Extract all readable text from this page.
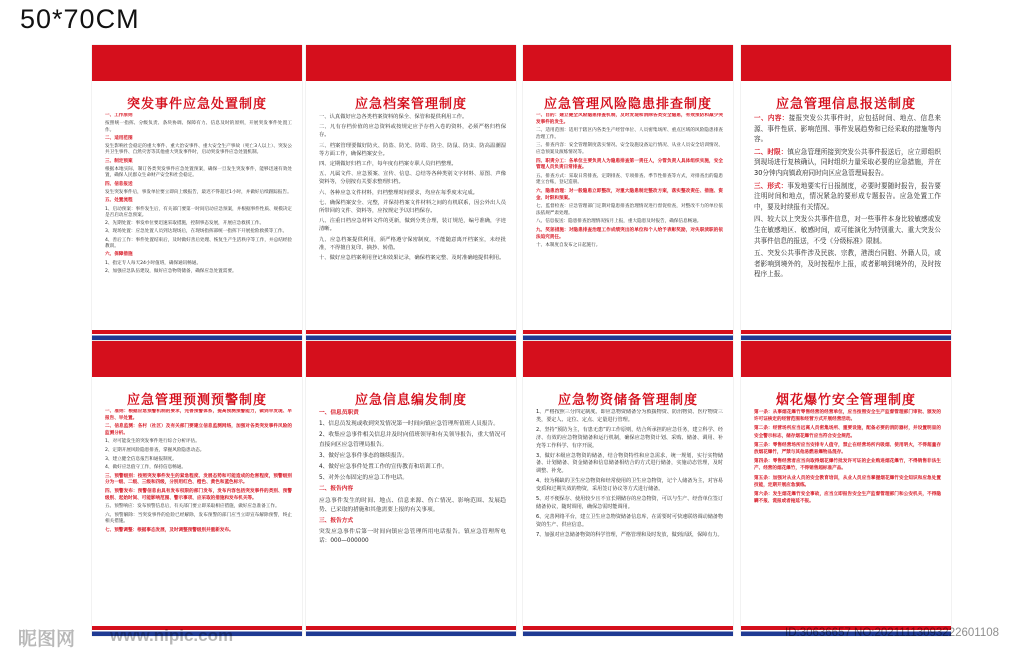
50*70CM
突发事件应急处置制度
一、工作原则
按照统一指挥、分级负责、条块协调、保障有力、信息及时的原则，开展突发事件处置工作。
二、适用范围
发生影响社会稳定的重大事件、重大治安事件、重大安全生产事故（死亡3人以上）、突发公共卫生事件、自然灾害等其他重大突发事件时，启动突发事件应急处置机制。
三、制定预案
根据本地实际，制订各类突发事件应急处置预案，确保一旦发生突发事件，能够迅速有效处置，确保人民群众生命财产安全和社会稳定。
四、信息报送
发生突发事件后，事发单位要立即向上级报告，最迟不得超过1小时，并做好后续跟踪报告。
五、处置流程
1、启动预案：事件发生后，有关部门要第一时间启动应急预案，并根据事件性质、规模决定是否启动应急预案。
2、先期处置：事发单位要迅速采取措施，控制事态发展，开展应急救援工作。
3、现场处置：应急处置人员到达现场后，在现场指挥部统一指挥下开展抢险救援等工作。
4、善后工作：事件处置结束后，及时做好善后处理、恢复生产生活秩序等工作，并总结经验教训。
六、保障措施
1、指定专人每天24小时值班，确保通讯畅通。
2、加强应急队伍建设，做好应急物资储备，确保应急处置需要。
应急档案管理制度
一、认真做好应急各类档案资料的保全、保管和提供利用工作。
二、凡有存档价值的应急资料或按规定应予存档入卷的资料，必须严格归档保存。
三、档案管理要做好防火、防盗、防光、防霉、防尘、防鼠、防虫、防高温潮湿等方面工作，确保档案安全。
四、定期做好归档工作，每年度有档案专职人员归档整理。
五、凡属文件、应急预案、宣传、信息、总结等各种类别文字材料、原图、声像资料等，分别按有关要求整理归档。
六、各种应急文件材料，归档整理时间要求，均应在每季度末完成。
七、确保档案安全、完整，并保持档案文件材料之间的有机联系，因公外出人员所带回的文件、资料等，应按规定予以归档保存。
八、注重日档应急材料文件的更新，做到分类合理，装订规范，编号准确，字迹清晰。
九、应急档案提供利用，须严格遵守保密制度，不能随意离开档案室，未经批准，不得擅自复印、摘抄、转借。
十、做好应急档案利用登记和效果记录，确保档案完整、及时准确地提供利用。
应急管理风险隐患排查制度
一、目的：建立健全风险隐患排查机制，及时发现和消除各类安全隐患，有效预防和减少突发事件的发生。
二、适用范围：适用于辖区内各类生产经营单位、人员密集场所、重点区域的风险隐患排查治理工作。
三、排查内容：安全管理制度落实情况、安全设施设备运行情况、从业人员安全培训情况、应急预案及演练情况等。
四、职责分工：各单位主要负责人为隐患排查第一责任人，分管负责人具体组织实施，安全管理人员负责日常排查。
五、排查方式：采取日常排查、定期排查、专项排查、季节性排查等方式，对排查出的隐患建立台账，登记造册。
六、隐患治理：对一般隐患立即整改，对重大隐患制定整改方案，落实整改责任、措施、资金、时限和预案。
七、监督检查：应急管理部门定期对隐患排查治理情况进行督促检查，对整改不力的单位依法依规严肃处理。
八、信息报送：隐患排查治理情况按月上报，重大隐患及时报告，确保信息畅通。
九、奖惩措施：对隐患排查治理工作成绩突出的单位和个人给予表彰奖励，对失职渎职的依法追究责任。
十、本制度自发布之日起施行。
应急管理信息报送制度
一、内容：接报突发公共事件时，应包括时间、地点、信息来源、事件性质、影响范围、事件发展趋势和已经采取的措施等内容。
二、时限：镇应急管理所接到突发公共事件报送后，应立即组织到现场进行复核确认，同时组织力量采取必要的应急措施，并在30分钟内向镇政府同时向区应急管理局报告。
三、形式：事发地要实行日报制度，必要时要随时报告，报告要注明时间和地点，情况紧急的要形成专题报告。应急处置工作中，要及时续报有关情况。
四、较大以上突发公共事件信息，对一些事件本身比较敏感或发生在敏感地区、敏感时间，或可能演化为特别重大、重大突发公共事件信息的报送，不受《分级标准》限制。
五、突发公共事件涉及民族、宗教，港澳台同胞、外籍人员，或者影响到境外的，及时按程序上报，或者影响到境外的，及时按程序上报。
应急管理预测预警制度
一、准则：根据应急预警机制的要求，完善预警体系，提高预测预警能力，做到早发现、早报告、早处置。
二、信息监测：各村（社区）及有关部门要建立信息监测网络，加强对各类突发事件风险的监测分析。
1、对可能发生的突发事件进行综合分析评估。
2、定期开展风险隐患排查，掌握风险隐患动态。
3、建立健全信息报告和通报制度。
4、做好应急值守工作，保持信息畅通。
三、预警级别：按照突发事件发生的紧急程度、发展态势和可能造成的危害程度，预警级别分为一级、二级、三级和四级，分别用红色、橙色、黄色和蓝色标示。
四、预警发布：预警信息由具有发布权限的部门发布，发布内容包括突发事件的类别、预警级别、起始时间、可能影响范围、警示事项、应采取的措施和发布机关等。
五、预警响应：发布预警信息后，有关部门要立即采取相应措施，做好应急准备工作。
六、预警解除：当突发事件的危险已经解除，发布预警的部门应当立即宣布解除预警，终止相关措施。
七、预警调整：根据事态发展，及时调整预警级别并重新发布。
应急信息编发制度
一、信息员职责
1、信息员发现或收到突发情况第一时间向镇应急管理所值班人员报告。
2、收集应急事件相关信息并及时向值班领导和有关领导报告，重大情况可直接向区应急管理局报告。
3、做好应急事件事态的继续报告。
4、做好应急事件处置工作的宣传教育和培训工作。
5、对外公布固定的应急工作电话。
二、报告内容
应急事件发生的时间、地点、信息来源、伤亡情况、影响范围、发展趋势、已采取的措施和其他需要上报的有关事项。
三、报告方式
突发应急事件后第一时间向镇应急管理所用电话报告。镇应急管理所电话：000—000000
应急物资储备管理制度
1、严格按照三分四定制度。即应急物资储备分为救援物资、防汛物资、医疗物资三类，要定人、定位、定点、定量进行管理。
2、坚持“预防为主，有患无患”的工作原则，结合所承担的应急任务，建立科学、经济、有效的应急物资储备和运行机制，确保应急物资计划、采购、储备、调用、补充等工作科学、有序开展。
3、做好本级应急物资的储备，结合物资特性和应急需求，统一规划，实行实物储备、计划储备、资金储备和信息储备相结合的方式进行储备，实施动态管理，及时调整、补充。
4、较为稀缺的卫生应急物资和经常使用的卫生应急物资，记个人储备为主，对容易变质和过期失效的物资，采用签订协议等方式进行储备。
5、对不便保存、使用较少且不宜长期储存的应急物资，可以与生产、经营单位签订储备协议，随时调用，确保急需时能调用。
6、完善网络平台，建立卫生应急物资储备信息库，在需要时可快速联络调动储备物资的生产、供应信息。
7、加强对应急储备物资的科学管理，严格管理和及时发放，做到活跃，保障有力。
烟花爆竹安全管理制度
第一条：从事烟花爆竹零售经营的经营单位，应当按照安全生产监督管理部门审批、颁发的许可证核定的经营范围和经营方式开展经营活动。
第二条：经营场所应当远离人员密集场所、重要设施，配备必要的消防器材，并设置明显的安全警示标志，储存烟花爆竹应当符合安全规范。
第三条：零售经营场所应当安排专人值守，禁止在经营场所内吸烟、使用明火，不得超量存放烟花爆竹，严禁与其他易燃易爆物品混存。
第四条：零售经营者应当向取得烟花爆竹批发许可证的企业购进烟花爆竹，不得销售非法生产、经营的烟花爆竹，不得销售超标准产品。
第五条：加强对从业人员的安全教育培训，从业人员应当掌握烟花爆竹安全知识和应急处置技能，定期开展应急演练。
第六条：发生烟花爆竹安全事故，应当立即报告安全生产监督管理部门和公安机关，不得隐瞒不报、谎报或者拖延不报。
昵图网 www.nipic.com	ID:30636657 NO:20211113093222601108
